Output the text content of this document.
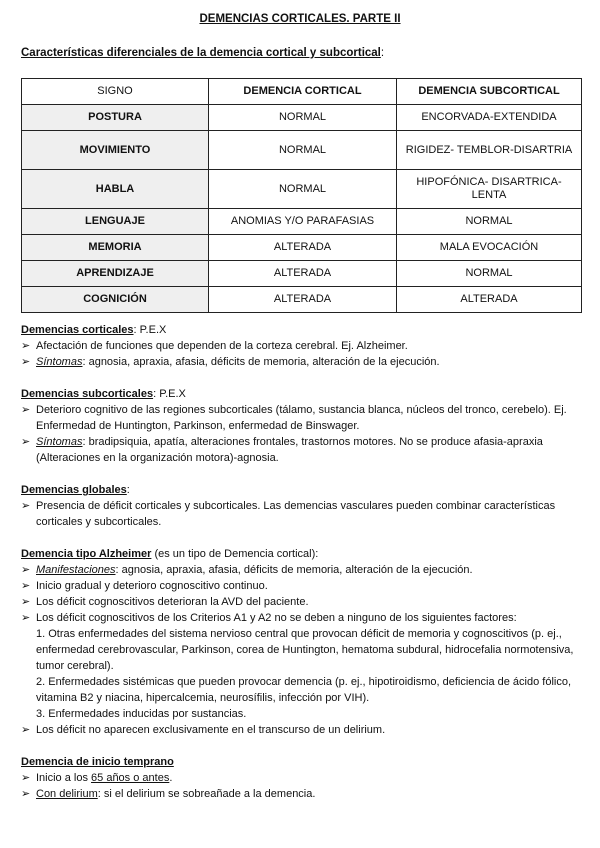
DEMENCIAS CORTICALES. PARTE II
Características diferenciales de la demencia cortical y subcortical:
SIGNO	DEMENCIA CORTICAL	DEMENCIA SUBCORTICAL
POSTURA	NORMAL	ENCORVADA-EXTENDIDA
MOVIMIENTO	NORMAL	RIGIDEZ- TEMBLOR-DISARTRIA
HABLA	NORMAL	HIPOFÓNICA- DISARTRICA-LENTA
LENGUAJE	ANOMIAS Y/O PARAFASIAS	NORMAL
MEMORIA	ALTERADA	MALA EVOCACIÓN
APRENDIZAJE	ALTERADA	NORMAL
COGNICIÓN	ALTERADA	ALTERADA
Demencias corticales: P.E.X
➢ Afectación de funciones que dependen de la corteza cerebral. Ej. Alzheimer.
➢ Síntomas: agnosia, apraxia, afasia, déficits de memoria, alteración de la ejecución.
Demencias subcorticales: P.E.X
➢ Deterioro cognitivo de las regiones subcorticales (tálamo, sustancia blanca, núcleos del tronco, cerebelo). Ej. Enfermedad de Huntington, Parkinson, enfermedad de Binswager.
➢ Síntomas: bradipsiquia, apatía, alteraciones frontales, trastornos motores. No se produce afasia-apraxia (Alteraciones en la organización motora)-agnosia.
Demencias globales:
➢ Presencia de déficit corticales y subcorticales. Las demencias vasculares pueden combinar características corticales y subcorticales.
Demencia tipo Alzheimer (es un tipo de Demencia cortical):
➢ Manifestaciones: agnosia, apraxia, afasia, déficits de memoria, alteración de la ejecución.
➢ Inicio gradual y deterioro cognoscitivo continuo.
➢ Los déficit cognoscitivos deterioran la AVD del paciente.
➢ Los déficit cognoscitivos de los Criterios A1 y A2 no se deben a ninguno de los siguientes factores:
1. Otras enfermedades del sistema nervioso central que provocan déficit de memoria y cognoscitivos (p. ej., enfermedad cerebrovascular, Parkinson, corea de Huntington, hematoma subdural, hidrocefalia normotensiva, tumor cerebral).
2. Enfermedades sistémicas que pueden provocar demencia (p. ej., hipotiroidismo, deficiencia de ácido fólico, vitamina B2 y niacina, hipercalcemia, neurosífilis, infección por VIH).
3. Enfermedades inducidas por sustancias.
➢ Los déficit no aparecen exclusivamente en el transcurso de un delirium.
Demencia de inicio temprano
➢ Inicio a los 65 años o antes.
➢ Con delirium: si el delirium se sobreañade a la demencia.
